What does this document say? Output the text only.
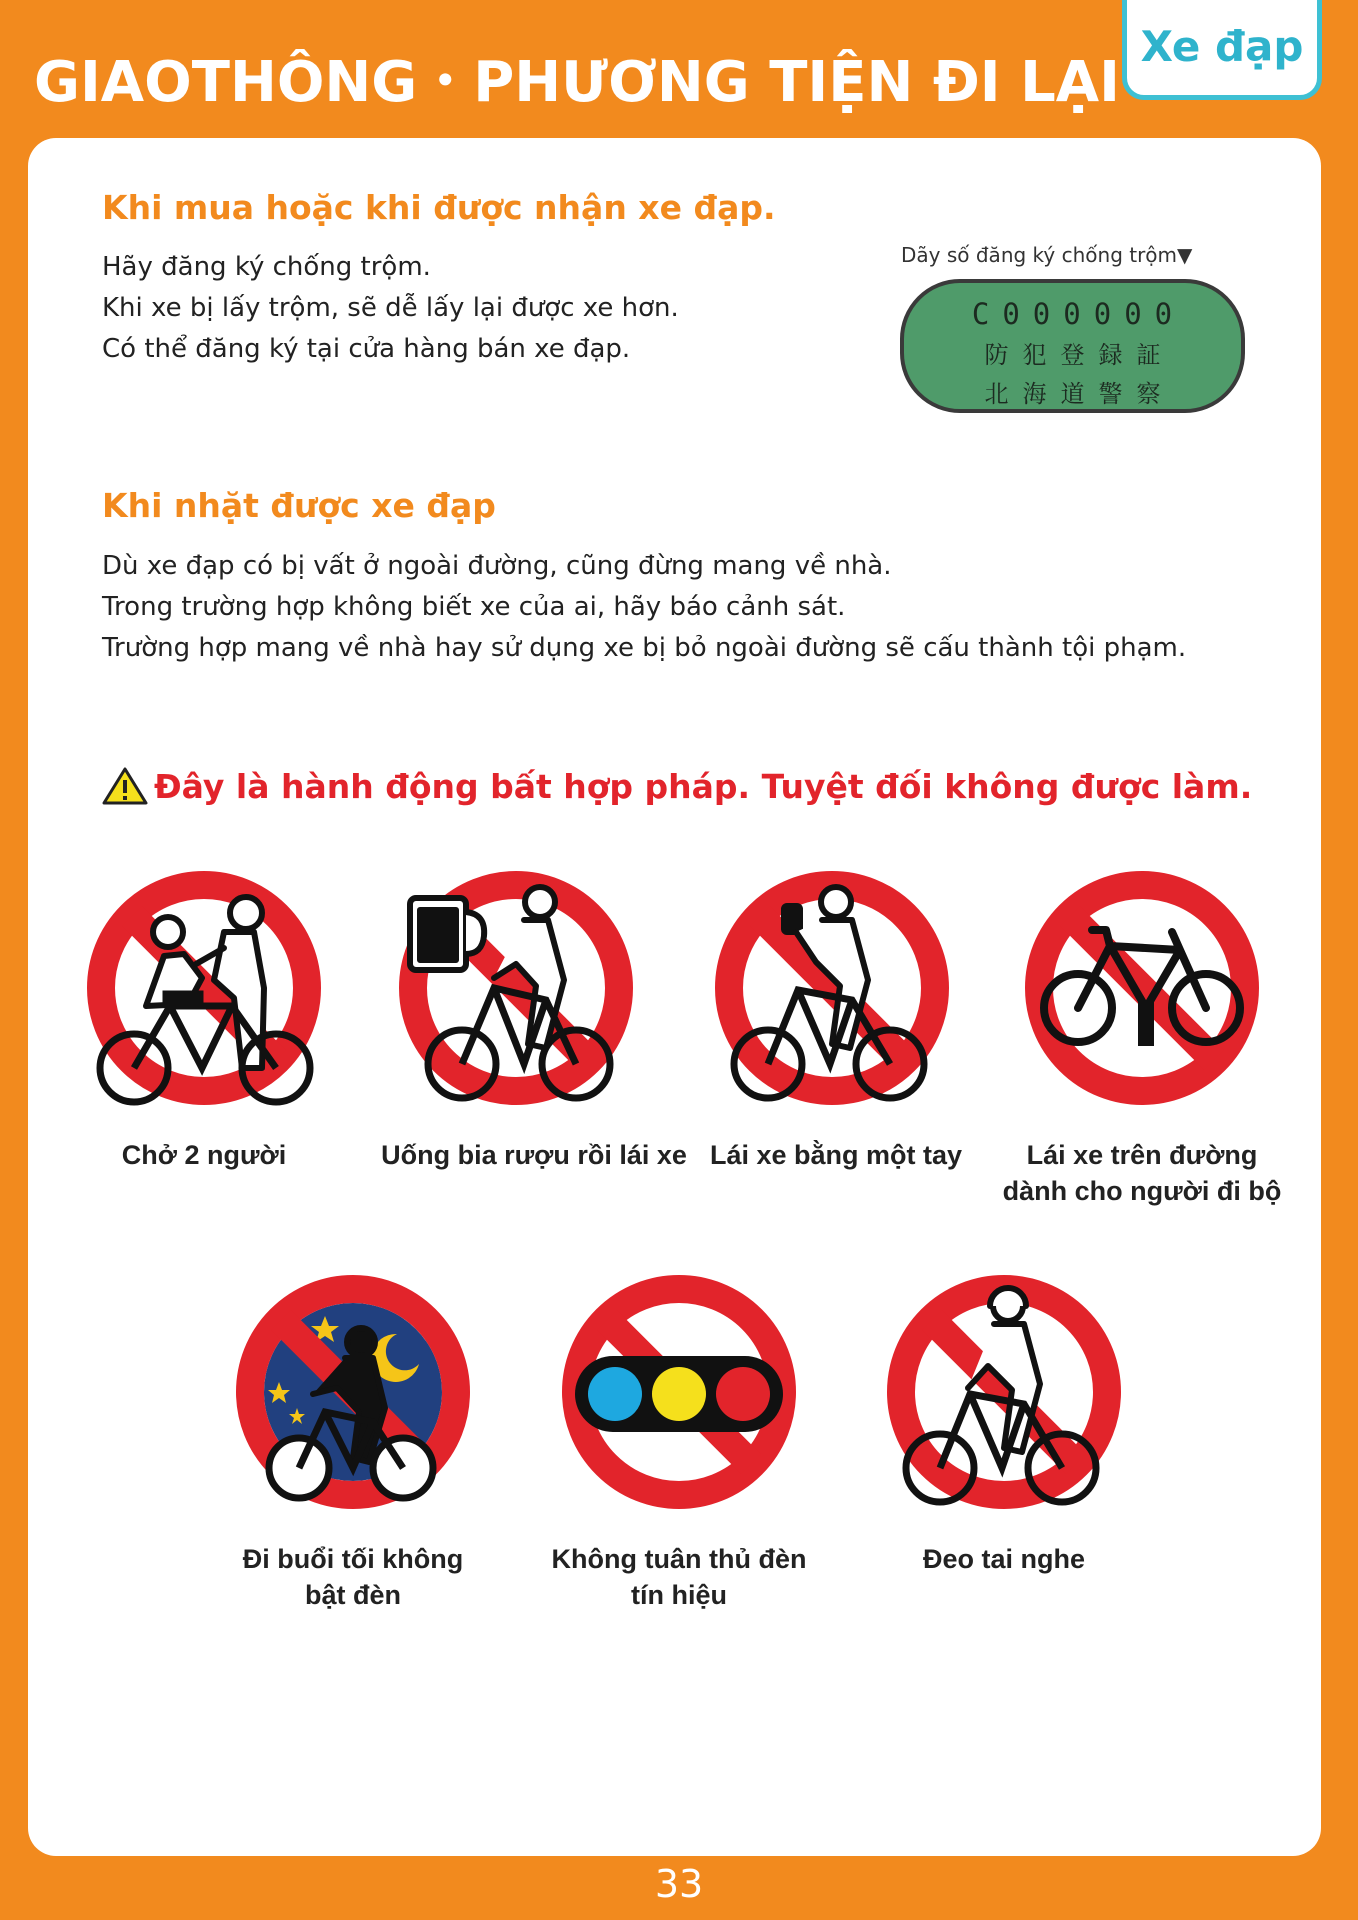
GIAOTHÔNG・PHƯƠNG TIỆN ĐI LẠI
Xe đạp
Khi mua hoặc khi được nhận xe đạp.
Hãy đăng ký chống trộm.
Khi xe bị lấy trộm, sẽ dễ lấy lại được xe hơn.
Có thể đăng ký tại cửa hàng bán xe đạp.
Dãy số đăng ký chống trộm▼
C000000
防犯登録証
北海道警察
Khi nhặt được xe đạp
Dù xe đạp có bị vất ở ngoài đường, cũng đừng mang về nhà.
Trong trường hợp không biết xe của ai, hãy báo cảnh sát.
Trường hợp mang về nhà hay sử dụng xe bị bỏ ngoài đường sẽ cấu thành tội phạm.
Đây là hành động bất hợp pháp. Tuyệt đối không được làm.
Chở 2 người	Uống bia rượu rồi lái xe Lái xe bằng một tay	Lái xe trên đường
dành cho người đi bộ
Đi buổi tối không
bật đèn
Không tuân thủ đèn
tín hiệu
Đeo tai nghe
33
